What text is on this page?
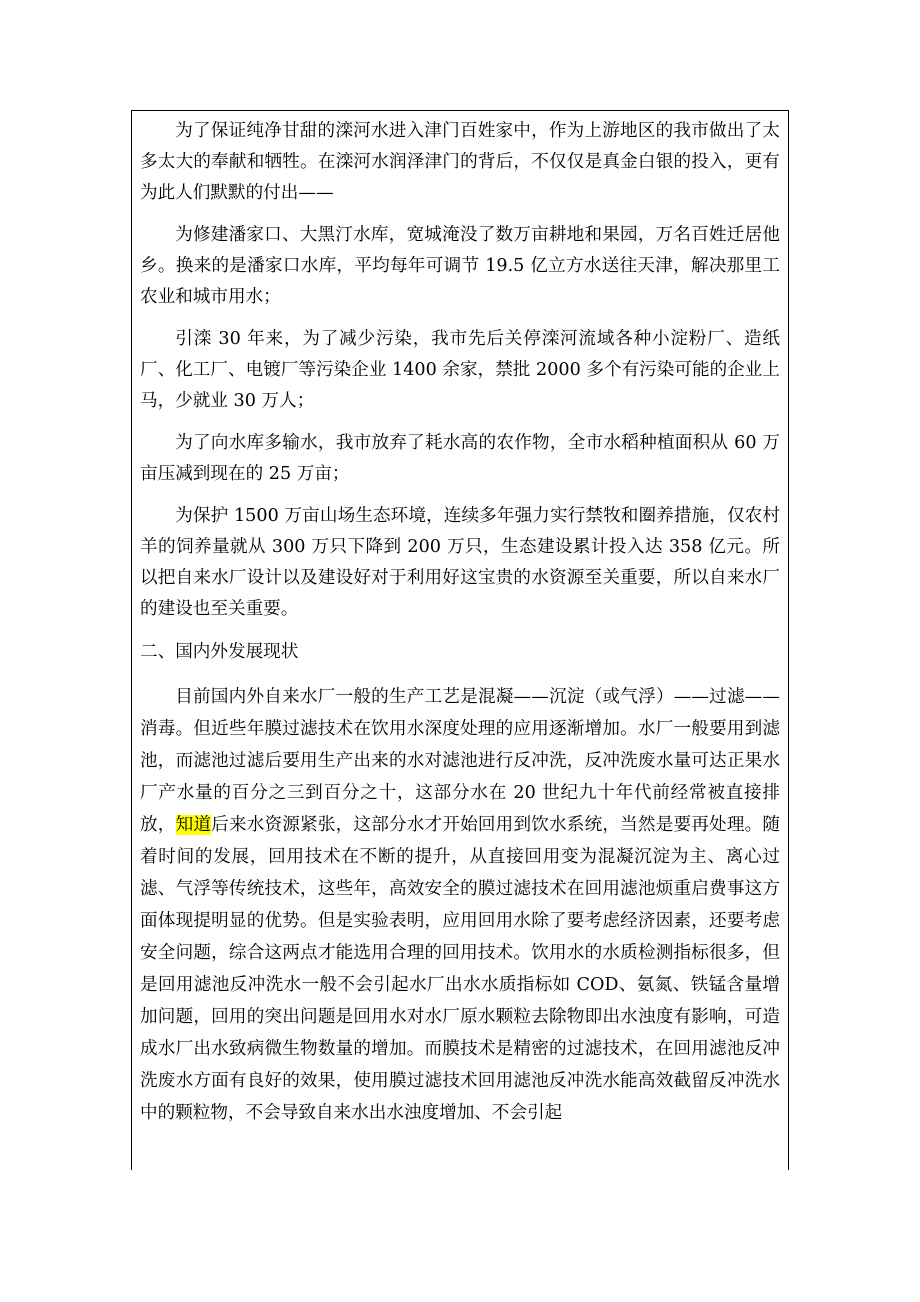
为了保证纯净甘甜的滦河水进入津门百姓家中，作为上游地区的我市做出了太多太大的奉献和牺牲。在滦河水润泽津门的背后，不仅仅是真金白银的投入，更有为此人们默默的付出——

为修建潘家口、大黑汀水库，宽城淹没了数万亩耕地和果园，万名百姓迁居他乡。换来的是潘家口水库，平均每年可调节 19.5 亿立方水送往天津，解决那里工农业和城市用水；

引滦 30 年来，为了减少污染，我市先后关停滦河流域各种小淀粉厂、造纸厂、化工厂、电镀厂等污染企业 1400 余家，禁批 2000 多个有污染可能的企业上马，少就业 30 万人；

为了向水库多输水，我市放弃了耗水高的农作物，全市水稻种植面积从 60 万亩压减到现在的 25 万亩；

为保护 1500 万亩山场生态环境，连续多年强力实行禁牧和圈养措施，仅农村羊的饲养量就从 300 万只下降到 200 万只，生态建设累计投入达 358 亿元。所以把自来水厂设计以及建设好对于利用好这宝贵的水资源至关重要，所以自来水厂的建设也至关重要。

二、国内外发展现状

目前国内外自来水厂一般的生产工艺是混凝——沉淀（或气浮）——过滤——消毒。但近些年膜过滤技术在饮用水深度处理的应用逐渐增加。水厂一般要用到滤池，而滤池过滤后要用生产出来的水对滤池进行反冲洗，反冲洗废水量可达正果水厂产水量的百分之三到百分之十，这部分水在 20 世纪九十年代前经常被直接排放，知道后来水资源紧张，这部分水才开始回用到饮水系统，当然是要再处理。随着时间的发展，回用技术在不断的提升，从直接回用变为混凝沉淀为主、离心过滤、气浮等传统技术，这些年，高效安全的膜过滤技术在回用滤池烦重启费事这方面体现提明显的优势。但是实验表明，应用回用水除了要考虑经济因素，还要考虑安全问题，综合这两点才能选用合理的回用技术。饮用水的水质检测指标很多，但是回用滤池反冲洗水一般不会引起水厂出水水质指标如 COD、氨氮、铁锰含量增加问题，回用的突出问题是回用水对水厂原水颗粒去除物即出水浊度有影响，可造成水厂出水致病微生物数量的增加。而膜技术是精密的过滤技术，在回用滤池反冲洗废水方面有良好的效果，使用膜过滤技术回用滤池反冲洗水能高效截留反冲洗水中的颗粒物，不会导致自来水出水浊度增加、不会引起
